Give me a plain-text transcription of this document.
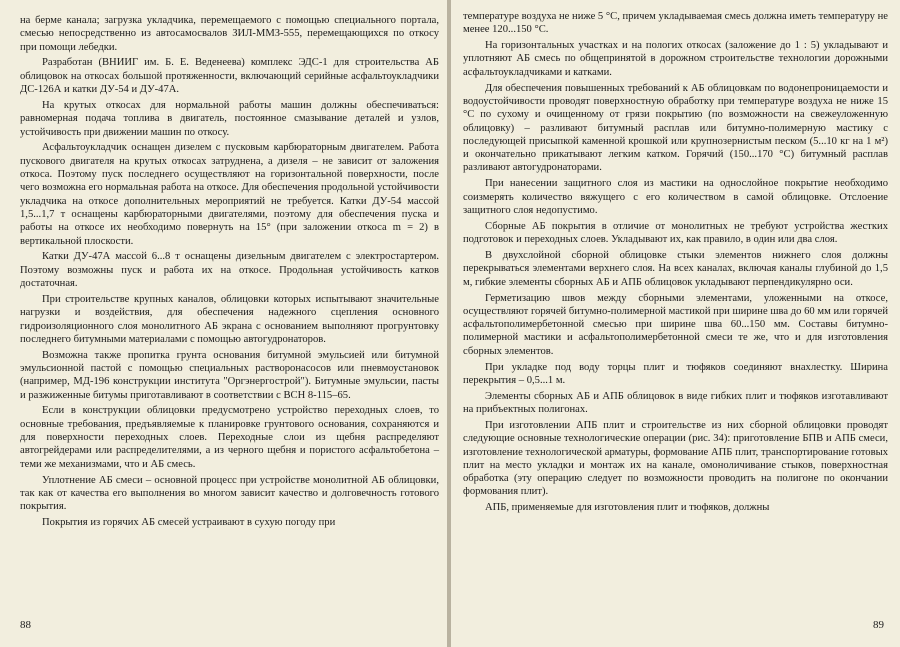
на берме канала; загрузка укладчика, перемещаемого с помощью специального портала, смесью непосредственно из автосамосвалов ЗИЛ-ММЗ-555, перемещающихся по откосу при помощи лебедки.

Разработан (ВНИИГ им. Б. Е. Веденеева) комплекс ЭДС-1 для строительства АБ облицовок на откосах большой протяженности, включающий серийные асфальтоукладчики ДС-126А и катки ДУ-54 и ДУ-47А.

На крутых откосах для нормальной работы машин должны обеспечиваться: равномерная подача топлива в двигатель, постоянное смазывание деталей и узлов, устойчивость при движении машин по откосу.

Асфальтоукладчик оснащен дизелем с пусковым карбюраторным двигателем. Работа пускового двигателя на крутых откосах затруднена, а дизеля – не зависит от заложения откоса. Поэтому пуск последнего осуществляют на горизонтальной поверхности, после чего возможна его нормальная работа на откосе. Для обеспечения продольной устойчивости укладчика на откосе дополнительных мероприятий не требуется. Катки ДУ-54 массой 1,5...1,7 т оснащены карбюраторными двигателями, поэтому для обеспечения пуска и работы на откосе их необходимо повернуть на 15° (при заложении откоса m = 2) в вертикальной плоскости.

Катки ДУ-47А массой 6...8 т оснащены дизельным двигателем с электростартером. Поэтому возможны пуск и работа их на откосе. Продольная устойчивость катков достаточная.

При строительстве крупных каналов, облицовки которых испытывают значительные нагрузки и воздействия, для обеспечения надежного сцепления основного гидроизоляционного слоя монолитного АБ экрана с основанием выполняют прогрунтовку последнего битумными материалами с помощью автогудронаторов.

Возможна также пропитка грунта основания битумной эмульсией или битумной эмульсионной пастой с помощью специальных растворонасосов или пневмоустановок (например, МД-196 конструкции института "Оргэнергострой"). Битумные эмульсии, пасты и разжиженные битумы приготавливают в соответствии с ВСН 8-115–65.

Если в конструкции облицовки предусмотрено устройство переходных слоев, то основные требования, предъявляемые к планировке грунтового основания, сохраняются и для поверхности переходных слоев. Переходные слои из щебня распределяют автогрейдерами или распределителями, а из черного щебня и пористого асфальтобетона – теми же механизмами, что и АБ смесь.

Уплотнение АБ смеси – основной процесс при устройстве монолитной АБ облицовки, так как от качества его выполнения во многом зависит качество и долговечность готового покрытия.

Покрытия из горячих АБ смесей устраивают в сухую погоду при

88

температуре воздуха не ниже 5 °C, причем укладываемая смесь должна иметь температуру не менее 120...150 °C.

На горизонтальных участках и на пологих откосах (заложение до 1 : 5) укладывают и уплотняют АБ смесь по общепринятой в дорожном строительстве технологии дорожными асфальтоукладчиками и катками.

Для обеспечения повышенных требований к АБ облицовкам по водонепроницаемости и водоустойчивости проводят поверхностную обработку при температуре воздуха не ниже 15 °C по сухому и очищенному от грязи покрытию (по возможности на свежеуложенную облицовку) – разливают битумный расплав или битумно-полимерную мастику с последующей присыпкой каменной крошкой или крупнозернистым песком (5...10 кг на 1 м²) и окончательно прикатывают легким катком. Горячий (150...170 °C) битумный расплав разливают автогудронаторами.

При нанесении защитного слоя из мастики на однослойное покрытие необходимо соизмерять количество вяжущего с его количеством в самой облицовке. Отслоение защитного слоя недопустимо.

Сборные АБ покрытия в отличие от монолитных не требуют устройства жестких подготовок и переходных слоев. Укладывают их, как правило, в один или два слоя.

В двухслойной сборной облицовке стыки элементов нижнего слоя должны перекрываться элементами верхнего слоя. На всех каналах, включая каналы глубиной до 1,5 м, гибкие элементы сборных АБ и АПБ облицовок укладывают перпендикулярно оси.

Герметизацию швов между сборными элементами, уложенными на откосе, осуществляют горячей битумно-полимерной мастикой при ширине шва до 60 мм или горячей асфальтополимербетонной смесью при ширине шва 60...150 мм. Составы битумно-полимерной мастики и асфальтополимербетонной смеси те же, что и для изготовления сборных элементов.

При укладке под воду торцы плит и тюфяков соединяют внахлестку. Ширина перекрытия – 0,5...1 м.

Элементы сборных АБ и АПБ облицовок в виде гибких плит и тюфяков изготавливают на прибъектных полигонах.

При изготовлении АПБ плит и строительстве из них сборной облицовки проводят следующие основные технологические операции (рис. 34): приготовление БПВ и АПБ смеси, изготовление технологической арматуры, формование АПБ плит, транспортирование готовых плит на место укладки и монтаж их на канале, омоноличивание стыков, поверхностная обработка (эту операцию следует по возможности проводить на полигоне по окончании формования плит).

АПБ, применяемые для изготовления плит и тюфяков, должны

89
